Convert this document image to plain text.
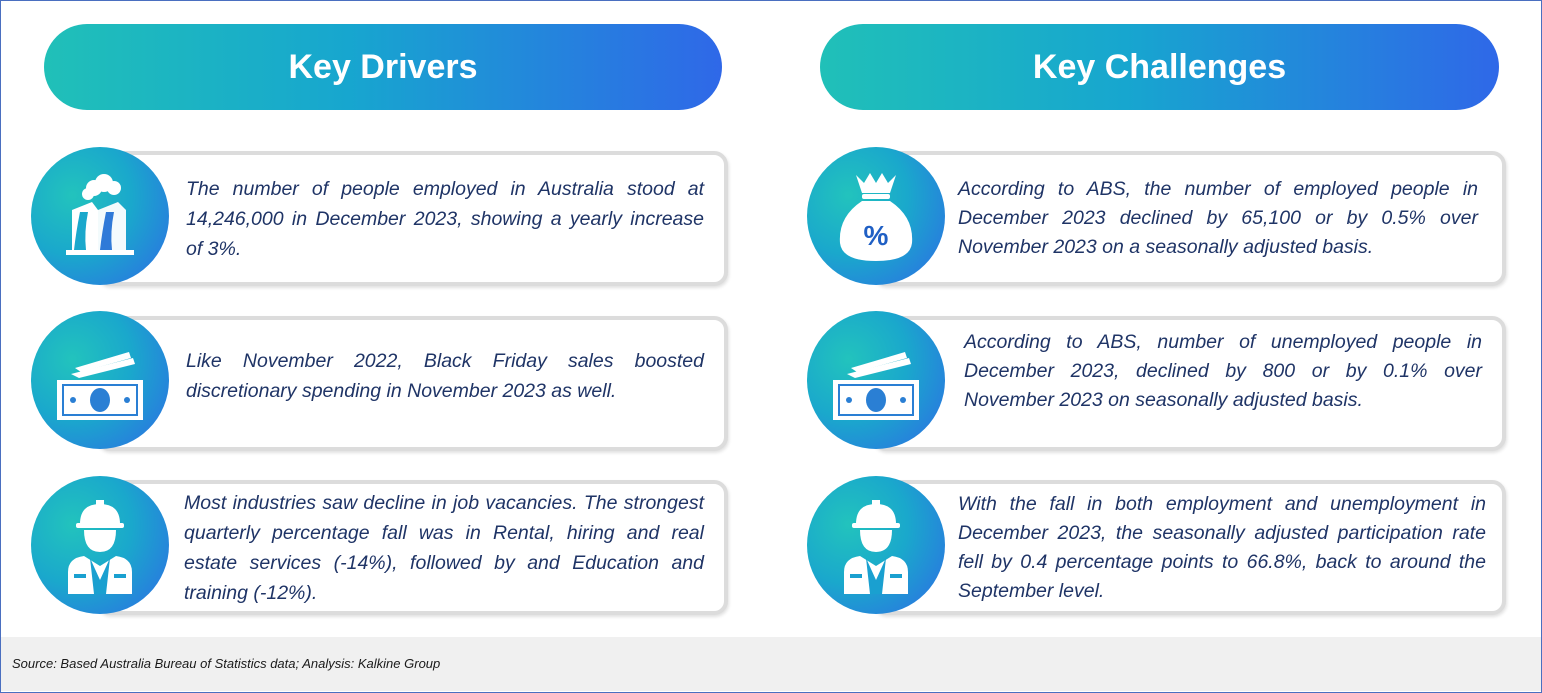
Key Drivers	Key Challenges
The number of people employed in Australia stood at 14,246,000 in December 2023, showing a yearly increase of 3%.
Like November 2022, Black Friday sales boosted discretionary spending in November 2023 as well.
Most industries saw decline in job vacancies. The strongest quarterly percentage fall was in Rental, hiring and real estate services (-14%), followed by and Education and training (-12%).
According to ABS, the number of employed people in December 2023 declined by 65,100 or by 0.5% over November 2023 on a seasonally adjusted basis.
%
According to ABS, number of unemployed people in December 2023, declined by 800 or by 0.1% over November 2023 on seasonally adjusted basis.
With the fall in both employment and unemployment in December 2023, the seasonally adjusted participation rate fell by 0.4 percentage points to 66.8%, back to around the September level.
Source: Based Australia Bureau of Statistics data; Analysis: Kalkine Group
